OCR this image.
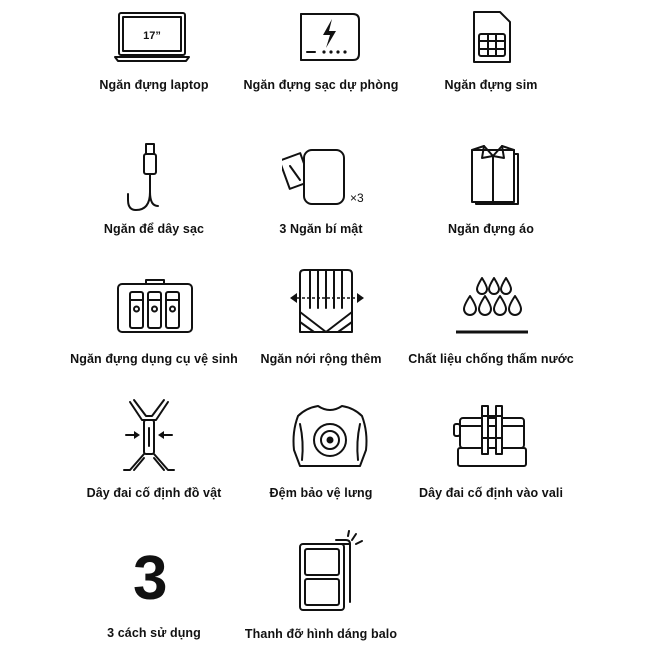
17”
Ngăn đựng laptop	Ngăn đựng sạc dự phòng	Ngăn đựng sim
Ngăn để dây sạc
×3
3 Ngăn bí mật	Ngăn đựng áo
Ngăn đựng dụng cụ vệ sinh	Ngăn nới rộng thêm	Chất liệu chống thấm nước
Dây đai cố định đồ vật	Đệm bảo vệ lưng	Dây đai cố định vào vali
3
3 cách sử dụng	Thanh đỡ hình dáng balo
